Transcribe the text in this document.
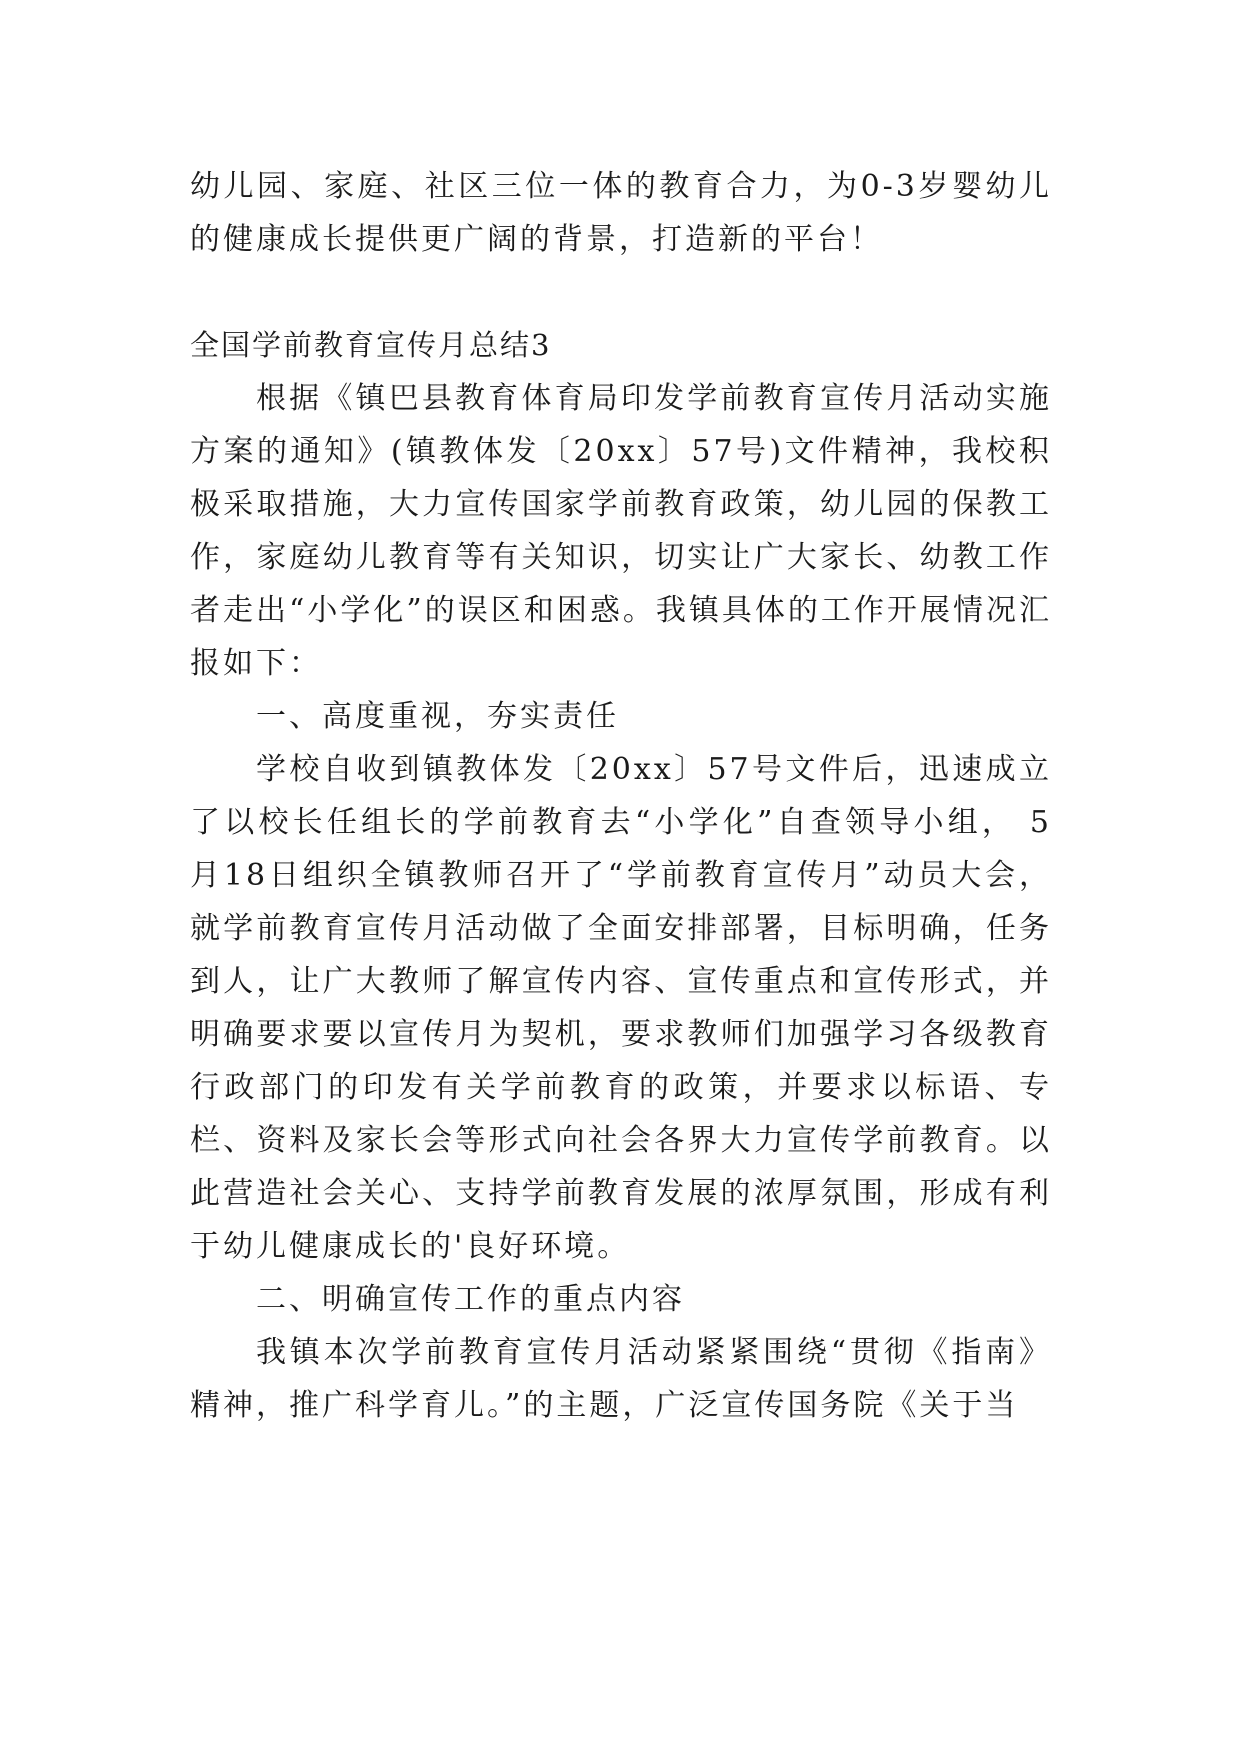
幼儿园、家庭、社区三位一体的教育合力，为0-3岁婴幼儿的健康成长提供更广阔的背景，打造新的平台！

全国学前教育宣传月总结3

根据《镇巴县教育体育局印发学前教育宣传月活动实施方案的通知》(镇教体发〔20xx〕57号)文件精神，我校积极采取措施，大力宣传国家学前教育政策，幼儿园的保教工作，家庭幼儿教育等有关知识，切实让广大家长、幼教工作者走出“小学化”的误区和困惑。我镇具体的工作开展情况汇报如下：

一、高度重视，夯实责任

学校自收到镇教体发〔20xx〕57号文件后，迅速成立了以校长任组长的学前教育去“小学化”自查领导小组， 5月18日组织全镇教师召开了“学前教育宣传月”动员大会，就学前教育宣传月活动做了全面安排部署，目标明确，任务到人，让广大教师了解宣传内容、宣传重点和宣传形式，并明确要求要以宣传月为契机，要求教师们加强学习各级教育行政部门的印发有关学前教育的政策，并要求以标语、专栏、资料及家长会等形式向社会各界大力宣传学前教育。以此营造社会关心、支持学前教育发展的浓厚氛围，形成有利于幼儿健康成长的'良好环境。

二、明确宣传工作的重点内容

我镇本次学前教育宣传月活动紧紧围绕“贯彻《指南》精神，推广科学育儿。”的主题，广泛宣传国务院《关于当
